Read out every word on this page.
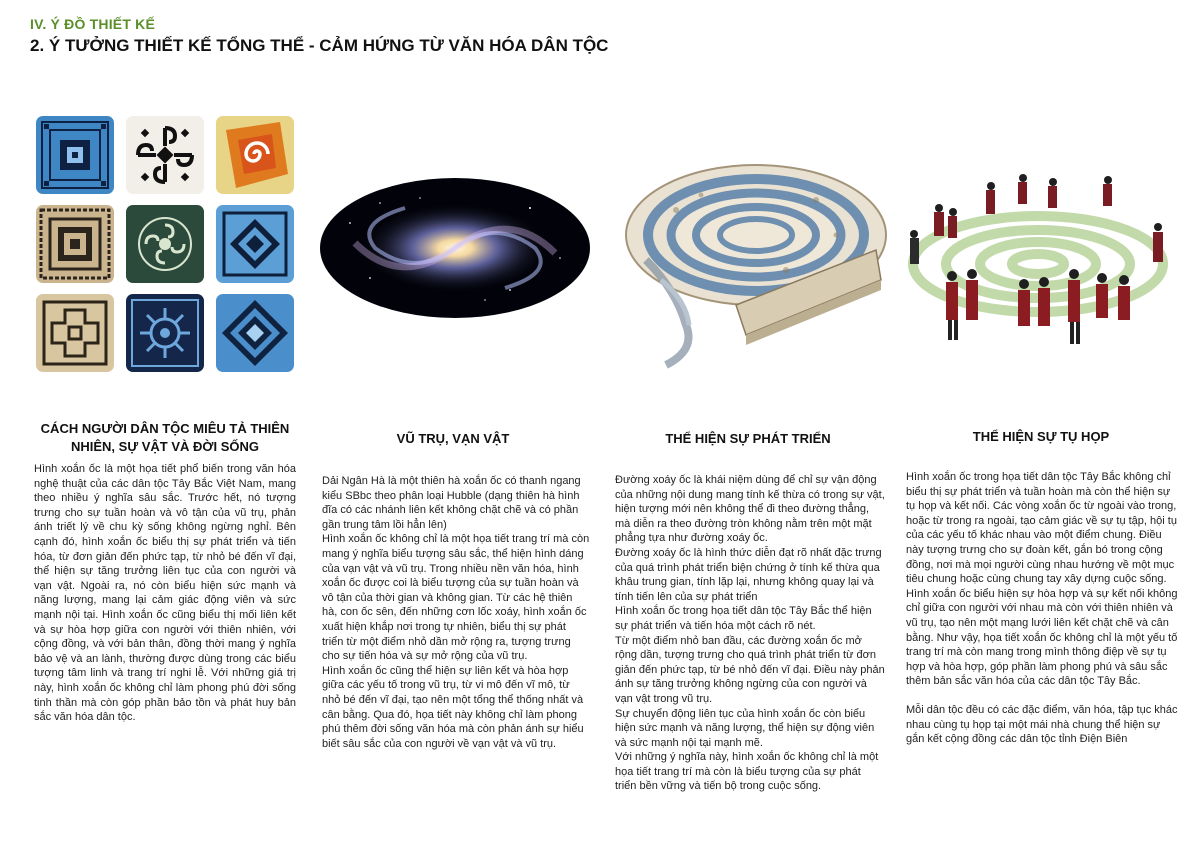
IV. Ý ĐỒ THIẾT KẾ
2. Ý TƯỞNG THIẾT KẾ TỔNG THỂ - CẢM HỨNG TỪ VĂN HÓA DÂN TỘC
CÁCH NGƯỜI DÂN TỘC MIÊU TẢ THIÊN NHIÊN, SỰ VẬT VÀ ĐỜI SỐNG
VŨ TRỤ, VẠN VẬT	THỂ HIỆN SỰ PHÁT TRIỂN	THỂ HIỆN SỰ TỤ HỌP

Hình xoắn ốc là một họa tiết phổ biến trong văn hóa nghệ thuật của các dân tộc Tây Bắc Việt Nam, mang theo nhiều ý nghĩa sâu sắc. Trước hết, nó tượng trưng cho sự tuần hoàn và vô tận của vũ trụ, phản ánh triết lý về chu kỳ sống không ngừng nghỉ. Bên cạnh đó, hình xoắn ốc biểu thị sự phát triển và tiến hóa, từ đơn giản đến phức tạp, từ nhỏ bé đến vĩ đại, thể hiện sự tăng trưởng liên tục của con người và vạn vật. Ngoài ra, nó còn biểu hiện sức mạnh và năng lượng, mang lại cảm giác động viên và sức mạnh nội tại. Hình xoắn ốc cũng biểu thị mối liên kết và sự hòa hợp giữa con người với thiên nhiên, với cộng đồng, và với bản thân, đồng thời mang ý nghĩa bảo vệ và an lành, thường được dùng trong các biểu tượng tâm linh và trang trí nghi lễ. Với những giá trị này, hình xoắn ốc không chỉ làm phong phú đời sống tinh thần mà còn góp phần bảo tồn và phát huy bản sắc văn hóa dân tộc.

Dải Ngân Hà là một thiên hà xoắn ốc có thanh ngang kiểu SBbc theo phân loại Hubble (dạng thiên hà hình đĩa có các nhánh liên kết không chặt chẽ và có phần gần trung tâm lồi hẳn lên)

Hình xoắn ốc không chỉ là một họa tiết trang trí mà còn mang ý nghĩa biểu tượng sâu sắc, thể hiện hình dáng của vạn vật và vũ trụ. Trong nhiều nền văn hóa, hình xoắn ốc được coi là biểu tượng của sự tuần hoàn và vô tận của thời gian và không gian. Từ các hệ thiên hà, con ốc sên, đến những cơn lốc xoáy, hình xoắn ốc xuất hiện khắp nơi trong tự nhiên, biểu thị sự phát triển từ một điểm nhỏ dần mở rộng ra, tượng trưng cho sự tiến hóa và sự mở rộng của vũ trụ.

Hình xoắn ốc cũng thể hiện sự liên kết và hòa hợp giữa các yếu tố trong vũ trụ, từ vi mô đến vĩ mô, từ nhỏ bé đến vĩ đại, tạo nên một tổng thể thống nhất và cân bằng. Qua đó, họa tiết này không chỉ làm phong phú thêm đời sống văn hóa mà còn phản ánh sự hiểu biết sâu sắc của con người về vạn vật và vũ trụ.

Đường xoáy ốc là khái niệm dùng để chỉ sự vận động của những nội dung mang tính kế thừa có trong sự vật, hiện tượng mới nên không thể đi theo đường thẳng, mà diễn ra theo đường tròn không nằm trên một mặt phẳng tựa như đường xoáy ốc.

Đường xoáy ốc là hình thức diễn đạt rõ nhất đặc trưng của quá trình phát triển biện chứng ở tính kế thừa qua khâu trung gian, tính lặp lại, nhưng không quay lại và tính tiến lên của sự phát triển

Hình xoắn ốc trong họa tiết dân tộc Tây Bắc thể hiện sự phát triển và tiến hóa một cách rõ nét.

Từ một điểm nhỏ ban đầu, các đường xoắn ốc mở rộng dần, tượng trưng cho quá trình phát triển từ đơn giản đến phức tạp, từ bé nhỏ đến vĩ đại. Điều này phản ánh sự tăng trưởng không ngừng của con người và vạn vật trong vũ trụ.

Sự chuyển động liên tục của hình xoắn ốc còn biểu hiện sức mạnh và năng lượng, thể hiện sự động viên và sức mạnh nội tại mạnh mẽ.

Với những ý nghĩa này, hình xoắn ốc không chỉ là một họa tiết trang trí mà còn là biểu tượng của sự phát triển bền vững và tiến bộ trong cuộc sống.

Hình xoắn ốc trong họa tiết dân tộc Tây Bắc không chỉ biểu thị sự phát triển và tuần hoàn mà còn thể hiện sự tụ họp và kết nối. Các vòng xoắn ốc từ ngoài vào trong, hoặc từ trong ra ngoài, tạo cảm giác về sự tụ tập, hội tụ của các yếu tố khác nhau vào một điểm chung. Điều này tượng trưng cho sự đoàn kết, gắn bó trong cộng đồng, nơi mà mọi người cùng nhau hướng về một mục tiêu chung hoặc cùng chung tay xây dựng cuộc sống. Hình xoắn ốc biểu hiện sự hòa hợp và sự kết nối không chỉ giữa con người với nhau mà còn với thiên nhiên và vũ trụ, tạo nên một mạng lưới liên kết chặt chẽ và cân bằng. Như vậy, họa tiết xoắn ốc không chỉ là một yếu tố trang trí mà còn mang trong mình thông điệp về sự tụ hợp và hòa hợp, góp phần làm phong phú và sâu sắc thêm bản sắc văn hóa của các dân tộc Tây Bắc.

Mỗi dân tộc đều có các đặc điểm, văn hóa, tập tục khác nhau cùng tụ họp tại một mái nhà chung thể hiện sự gắn kết cộng đồng các dân tộc tỉnh Điện Biên
